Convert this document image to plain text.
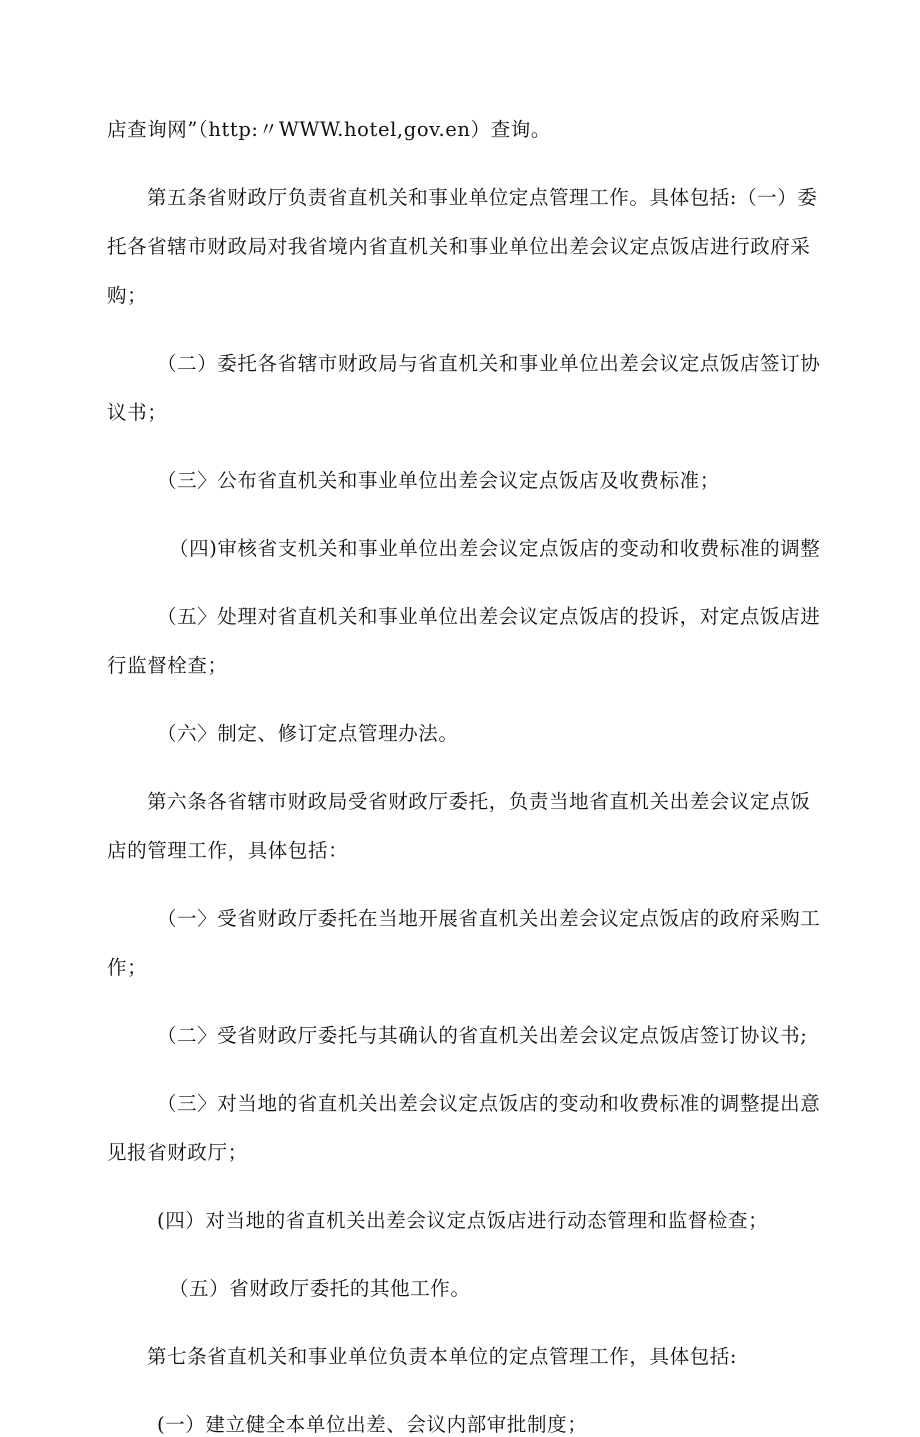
店查询网”（http:〃WWW.hotel,gov.en）查询。
第五条省财政厅负责省直机关和事业单位定点管理工作。具体包括:（一）委
托各省辖市财政局对我省境内省直机关和事业单位出差会议定点饭店进行政府采
购；
（二）委托各省辖市财政局与省直机关和事业单位出差会议定点饭店签订协
议书；
（三〉公布省直机关和事业单位出差会议定点饭店及收费标准；
（四)审核省支机关和事业单位出差会议定点饭店的变动和收费标准的调整
（五〉处理对省直机关和事业单位出差会议定点饭店的投诉，对定点饭店进
行监督栓查；
（六〉制定、修订定点管理办法。
第六条各省辖市财政局受省财政厅委托，负责当地省直机关出差会议定点饭
店的管理工作，具体包括：
（一〉受省财政厅委托在当地开展省直机关出差会议定点饭店的政府采购工
作；
（二〉受省财政厅委托与其确认的省直机关出差会议定点饭店签订协议书;
（三〉对当地的省直机关出差会议定点饭店的变动和收费标准的调整提出意
见报省财政厅；
(四）对当地的省直机关出差会议定点饭店进行动态管理和监督检查；
（五）省财政厅委托的其他工作。
第七条省直机关和事业单位负责本单位的定点管理工作，具体包括:
(一）建立健全本单位出差、会议内部审批制度；
